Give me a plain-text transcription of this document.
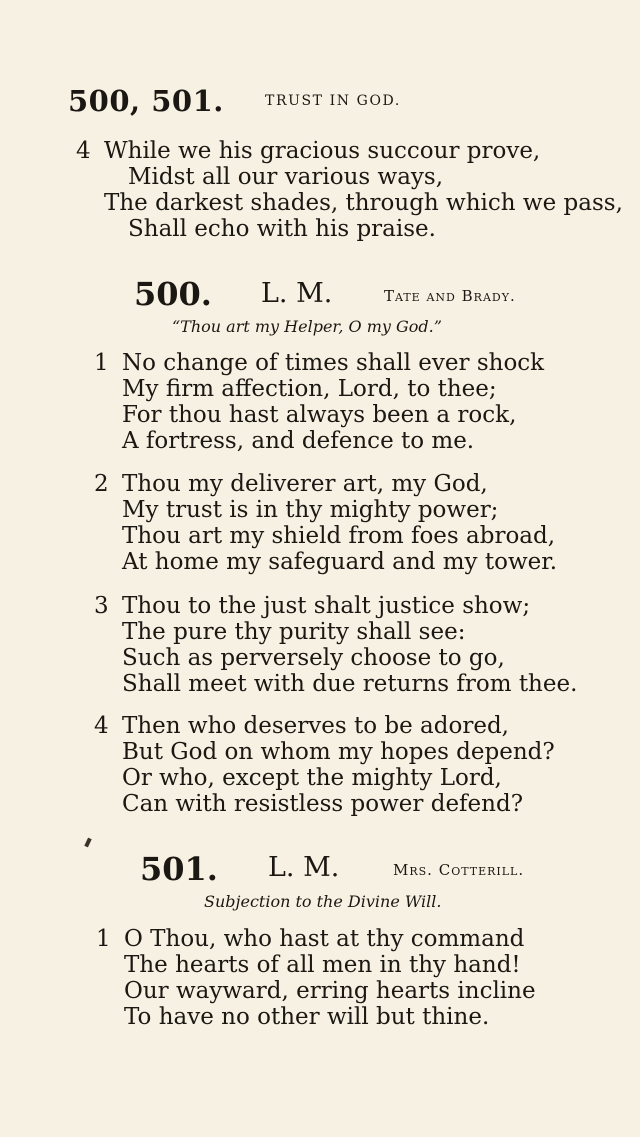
500, 501.	TRUST IN GOD.
4 While we his gracious succour prove,
Midst all our various ways,
The darkest shades, through which we pass,
Shall echo with his praise.
500. L. M.	Tate and Brady.
“Thou art my Helper, O my God.”
1 No change of times shall ever shock
My firm affection, Lord, to thee;
For thou hast always been a rock,
A fortress, and defence to me.
2 Thou my deliverer art, my God,
My trust is in thy mighty power;
Thou art my shield from foes abroad,
At home my safeguard and my tower.
3 Thou to the just shalt justice show;
The pure thy purity shall see:
Such as perversely choose to go,
Shall meet with due returns from thee.
4 Then who deserves to be adored,
But God on whom my hopes depend?
Or who, except the mighty Lord,
Can with resistless power defend?
501. L. M.	Mrs. Cotterill.
Subjection to the Divine Will.
1 O Thou, who hast at thy command
The hearts of all men in thy hand!
Our wayward, erring hearts incline
To have no other will but thine.
